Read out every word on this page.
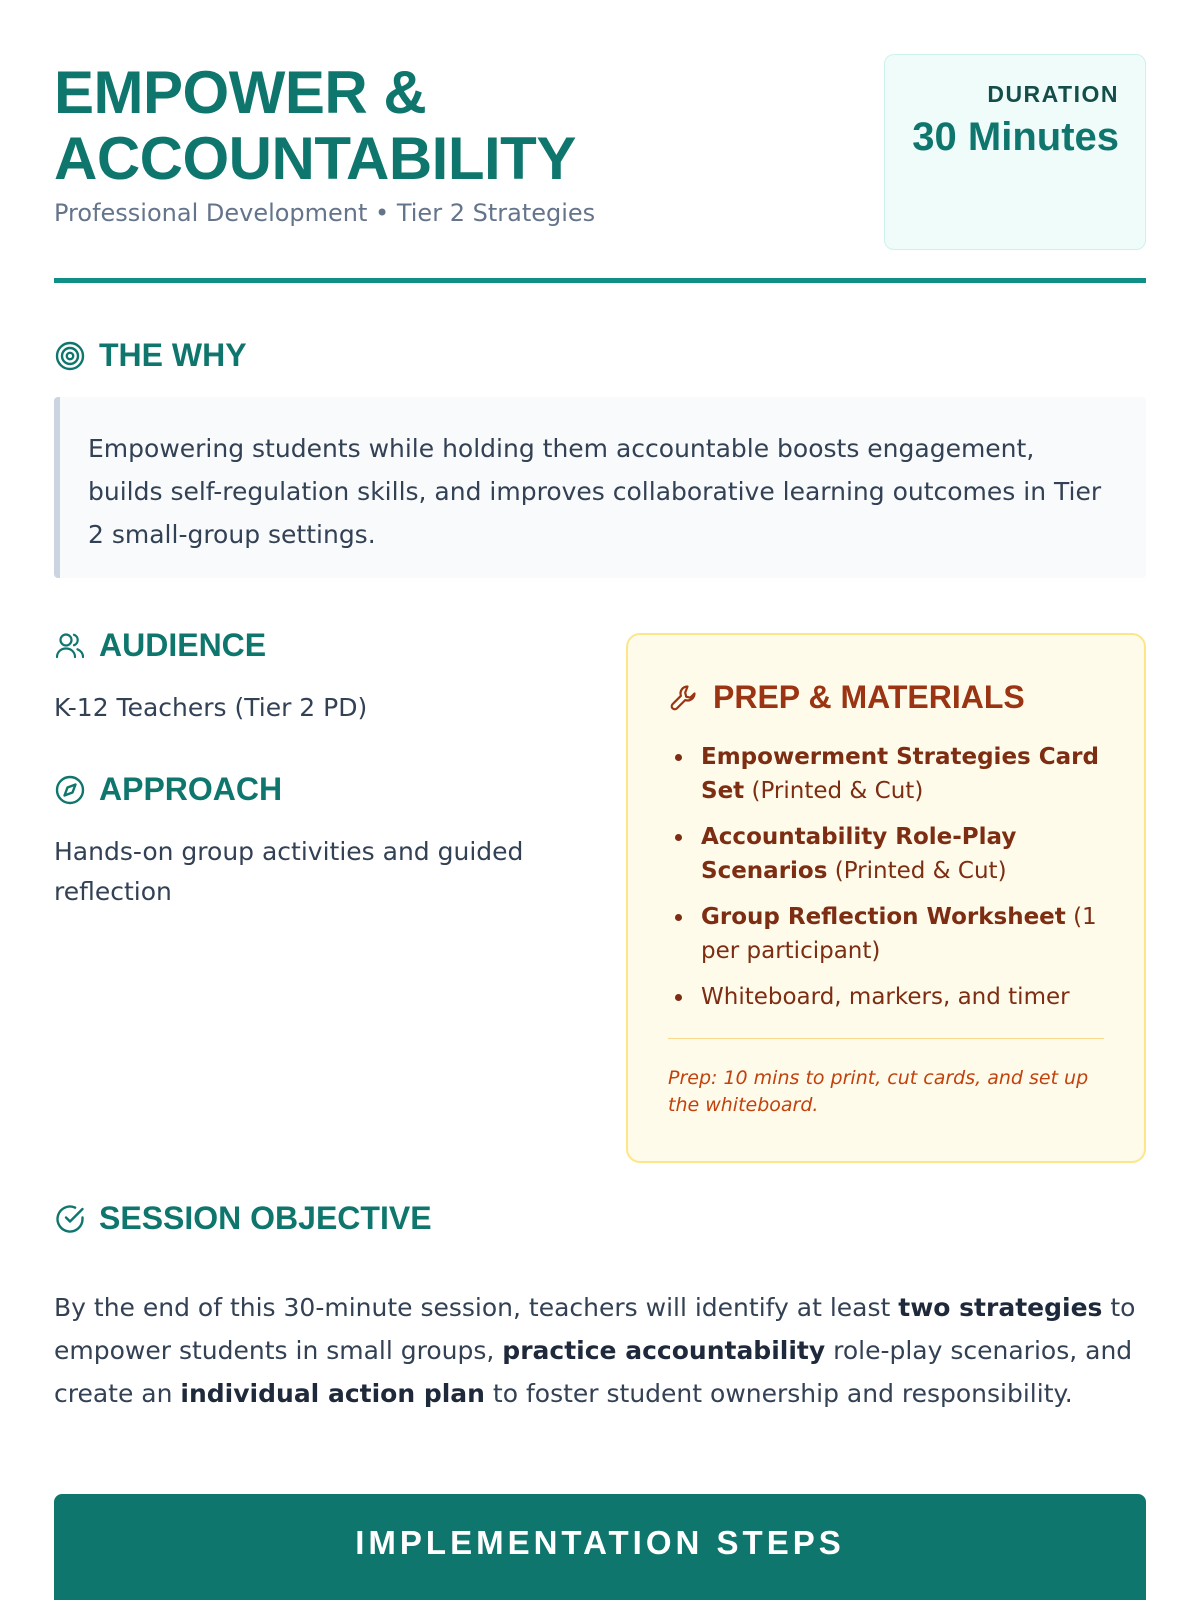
EMPOWER &
ACCOUNTABILITY
Professional Development • Tier 2 Strategies
DURATION
30 Minutes
THE WHY

Empowering students while holding them accountable boosts engagement, builds self-regulation skills, and improves collaborative learning outcomes in Tier 2 small-group settings.

AUDIENCE
K-12 Teachers (Tier 2 PD)
APPROACH
Hands-on group activities and guided reflection
PREP & MATERIALS
Empowerment Strategies Card Set (Printed & Cut)
Accountability Role-Play Scenarios (Printed & Cut)
Group Reflection Worksheet (1 per participant)
Whiteboard, markers, and timer

Prep: 10 mins to print, cut cards, and set up the whiteboard.

SESSION OBJECTIVE

By the end of this 30-minute session, teachers will identify at least two strategies to empower students in small groups, practice accountability role-play scenarios, and create an individual action plan to foster student ownership and responsibility.

IMPLEMENTATION STEPS
